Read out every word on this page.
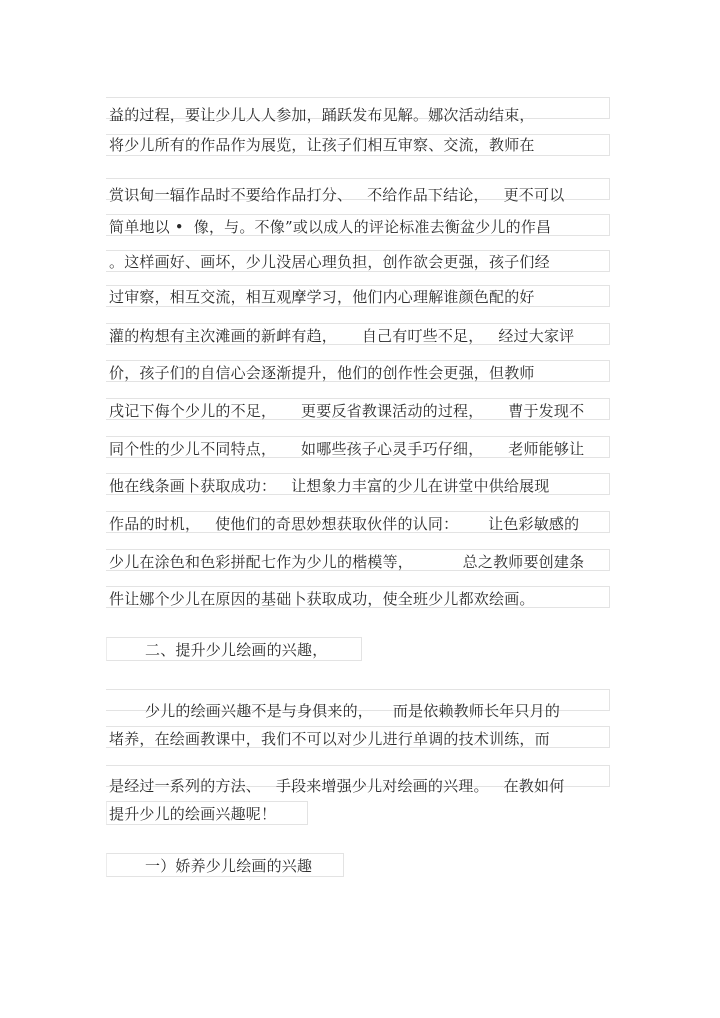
益的过程，要让少儿人人参加，踊跃发布见解。娜次活动结束，
将少儿所有的作品作为展览，让孩子们相互审察、交流，教师在
赏识甸一辐作品时不要给作品打分、   不给作品下结论，   更不可以
简单地以 •  像，与。不像”或以成人的评论标准去衡盆少儿的作昌
。这样画好、画坏，少儿没居心理负担，创作欲会更强，孩子们经
过审察，相互交流，相互观摩学习，他们内心理解谁颜色配的好
灌的构想有主次滩画的新衅有趋，     自己有叮些不足，   经过大家评
价，孩子们的自信心会逐渐提升，他们的创作性会更强，但教师
戌记下侮个少儿的不足，     更要反省教课活动的过程，     曹于发现不
同个性的少儿不同特点，     如哪些孩子心灵手巧仔细，     老师能够让
他在线条画卜获取成功：   让想象力丰富的少儿在讲堂中供给展现
作品的时机，   使他们的奇思妙想获取伙伴的认同：      让色彩敏感的
少儿在涂色和色彩拼配七作为少儿的楷模等，          总之教师要创建条
件让娜个少儿在原因的基础卜获取成功，使全班少儿都欢绘画。
二、提升少儿绘画的兴趣，
少儿的绘画兴趣不是与身俱来的，    而是依赖教师长年只月的
堵养，在绘画教课中，我们不可以对少儿进行单调的技术训练，而
是经过一系列的方法、   手段来增强少儿对绘画的兴理。   在教如何
提升少儿的绘画兴趣呢！
一）娇养少儿绘画的兴趣
